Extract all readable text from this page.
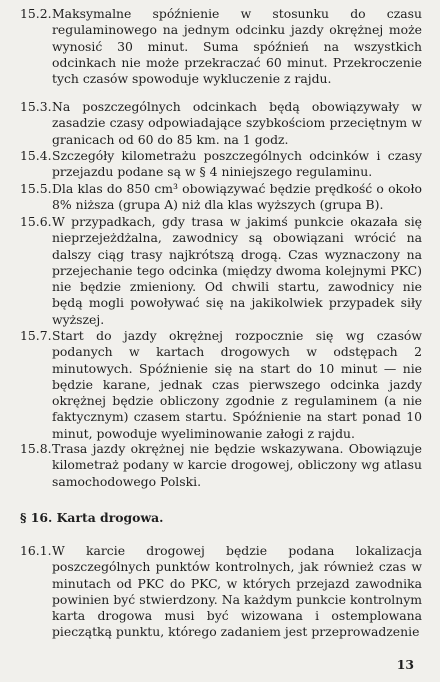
15.2. Maksymalne spóźnienie w stosunku do czasu regulaminowego na jednym odcinku jazdy okrężnej może wynosić 30 minut. Suma spóźnień na wszystkich odcinkach nie może przekraczać 60 minut. Przekroczenie tych czasów spowoduje wykluczenie z rajdu.
15.3. Na poszczególnych odcinkach będą obowiązywały w zasadzie czasy odpowiadające szybkościom przeciętnym w granicach od 60 do 85 km. na 1 godz.
15.4. Szczegóły kilometrażu poszczególnych odcinków i czasy przejazdu podane są w § 4 niniejszego regulaminu.
15.5. Dla klas do 850 cm³ obowiązywać będzie prędkość o około 8% niższa (grupa A) niż dla klas wyższych (grupa B).
15.6. W przypadkach, gdy trasa w jakimś punkcie okazała się nieprzejeżdżalna, zawodnicy są obowiązani wrócić na dalszy ciąg trasy najkrótszą drogą. Czas wyznaczony na przejechanie tego odcinka (między dwoma kolejnymi PKC) nie będzie zmieniony. Od chwili startu, zawodnicy nie będą mogli powoływać się na jakikolwiek przypadek siły wyższej.
15.7. Start do jazdy okrężnej rozpocznie się wg czasów podanych w kartach drogowych w odstępach 2 minutowych. Spóźnienie się na start do 10 minut — nie będzie karane, jednak czas pierwszego odcinka jazdy okrężnej będzie obliczony zgodnie z regulaminem (a nie faktycznym) czasem startu. Spóźnienie na start ponad 10 minut, powoduje wyeliminowanie załogi z rajdu.
15.8. Trasa jazdy okrężnej nie będzie wskazywana. Obowiązuje kilometraż podany w karcie drogowej, obliczony wg atlasu samochodowego Polski.
§ 16. Karta drogowa.
16.1. W karcie drogowej będzie podana lokalizacja poszczególnych punktów kontrolnych, jak również czas w minutach od PKC do PKC, w których przejazd zawodnika powinien być stwierdzony. Na każdym punkcie kontrolnym karta drogowa musi być wizowana i ostemplowana pieczątką punktu, którego zadaniem jest przeprowadzenie
13
